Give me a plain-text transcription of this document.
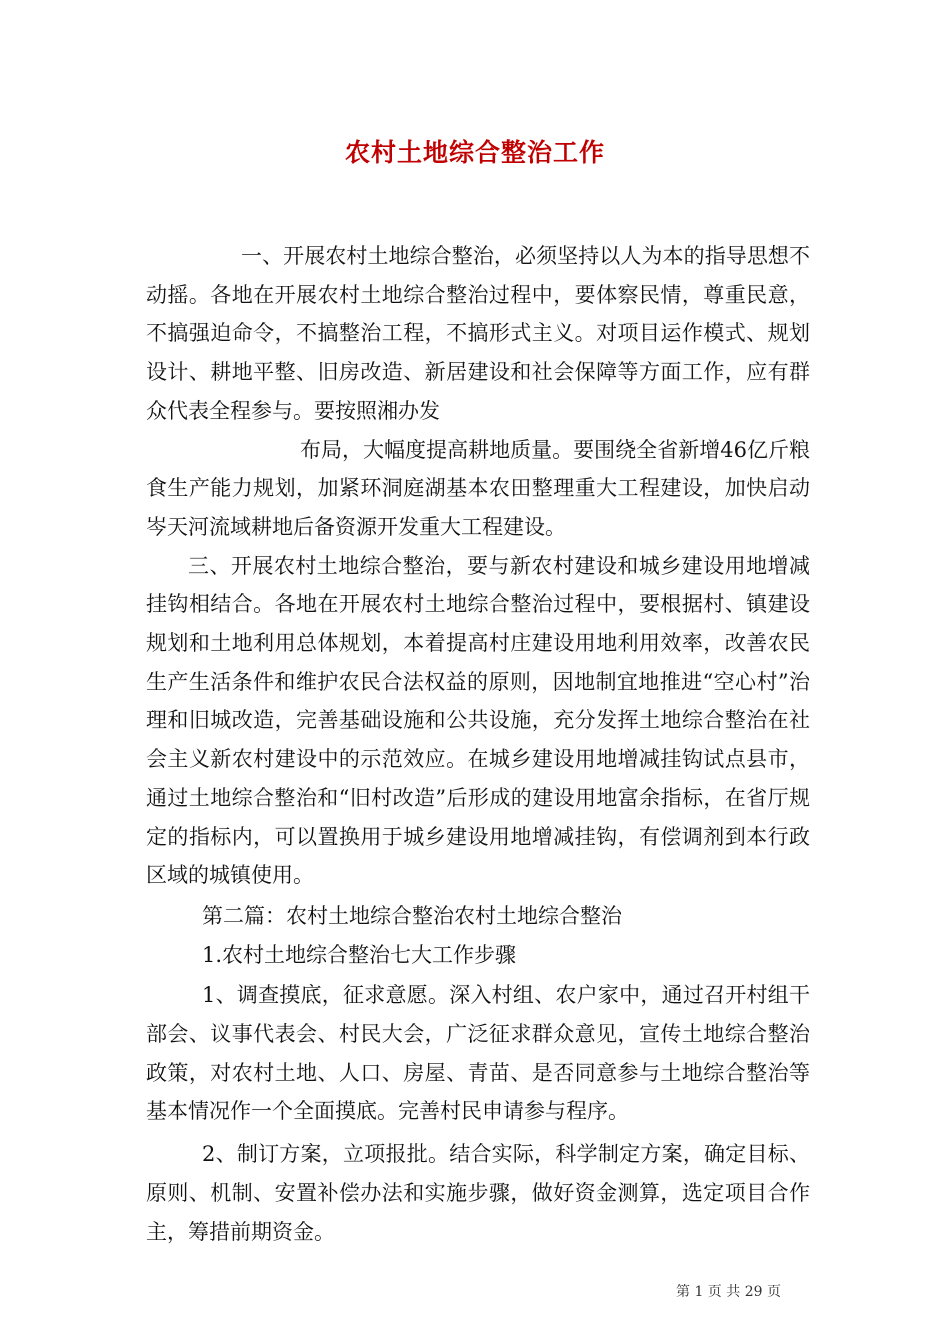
农村土地综合整治工作

一、开展农村土地综合整治，必须坚持以人为本的指导思想不动摇。各地在开展农村土地综合整治过程中，要体察民情，尊重民意，不搞强迫命令，不搞整治工程，不搞形式主义。对项目运作模式、规划设计、耕地平整、旧房改造、新居建设和社会保障等方面工作，应有群众代表全程参与。要按照湘办发

布局，大幅度提高耕地质量。要围绕全省新增46亿斤粮食生产能力规划，加紧环洞庭湖基本农田整理重大工程建设，加快启动岑天河流域耕地后备资源开发重大工程建设。

三、开展农村土地综合整治，要与新农村建设和城乡建设用地增减挂钩相结合。各地在开展农村土地综合整治过程中，要根据村、镇建设规划和土地利用总体规划，本着提高村庄建设用地利用效率，改善农民生产生活条件和维护农民合法权益的原则，因地制宜地推进“空心村”治理和旧城改造，完善基础设施和公共设施，充分发挥土地综合整治在社会主义新农村建设中的示范效应。在城乡建设用地增减挂钩试点县市，通过土地综合整治和“旧村改造”后形成的建设用地富余指标，在省厅规定的指标内，可以置换用于城乡建设用地增减挂钩，有偿调剂到本行政区域的城镇使用。

第二篇：农村土地综合整治农村土地综合整治

1.农村土地综合整治七大工作步骤

1、调查摸底，征求意愿。深入村组、农户家中，通过召开村组干部会、议事代表会、村民大会，广泛征求群众意见，宣传土地综合整治政策，对农村土地、人口、房屋、青苗、是否同意参与土地综合整治等基本情况作一个全面摸底。完善村民申请参与程序。

2、制订方案，立项报批。结合实际，科学制定方案，确定目标、原则、机制、安置补偿办法和实施步骤，做好资金测算，选定项目合作主，筹措前期资金。

第 1 页 共 29 页
